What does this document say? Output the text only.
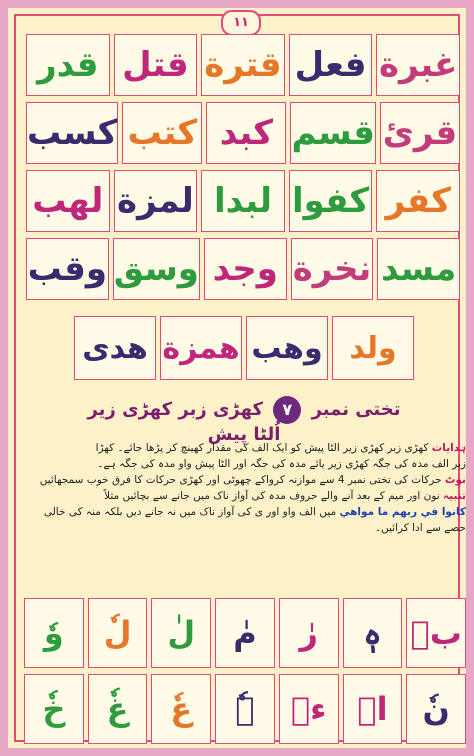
١١
قدر قتل قترة فعل غبرة
كسب كتب كبد قسم قرئ
لهب لمزة لبدا كفوا كفر
وقب وسق وجد نخرة مسد
هدى همزة وهب ولد
تختی نمبر ۷ کھڑی زبر کھڑی زیر اُلٹا پیش
ہدایات کھڑی زبر کھڑی زیر الٹا پیش کو ایک الف کی مقدار کھینچ کر پڑھا جائے۔ کھڑا
زبر الف مدہ کی جگہ کھڑی زیر یائے مدہ کی جگہ اور الٹا پیش واو مدہ کی جگہ ہے۔
نوٹ حرکات کی تختی نمبر 4 سے موازنہ کرواکے چھوٹی اور کھڑی حرکات کا فرق خوب سمجھائیں
تنبیہ نون اور میم کے بعد آنے والے حروف مدہ کی آواز ناک میں جانے سے بچائیں مثلاً
كانوا في ربهم ما مواهي میں الف واو اور ی کی آواز ناک میں نہ جانے دیں بلکہ منہ کی خالی
حصے سے ادا کرائیں۔
وٗ	لٗ	لٰ	مٰ	رٰ	ہٖ بٖ
خٗ	غٗ	عٗ	ہٗ	ءٖ اٖ	نٗ
